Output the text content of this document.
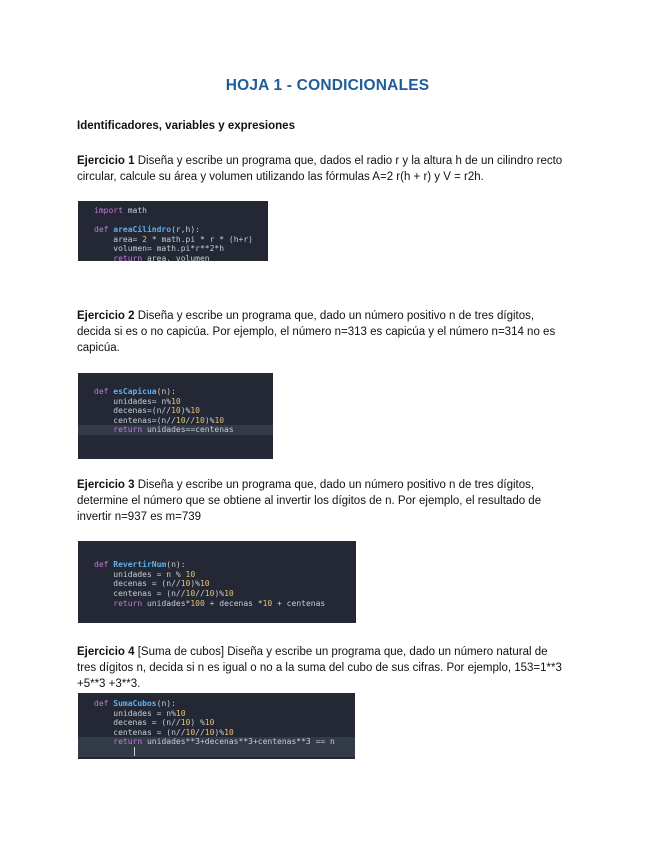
HOJA 1 - CONDICIONALES
Identificadores, variables y expresiones
Ejercicio 1 Diseña y escribe un programa que, dados el radio r y la altura h de un cilindro recto
circular, calcule su área y volumen utilizando las fórmulas A=2 r(h + r) y V = r2h.
import math
def areaCilindro(r,h):
area= 2 * math.pi * r * (h+r)
volumen= math.pi*r**2*h
return area, volumen
Ejercicio 2 Diseña y escribe un programa que, dado un número positivo n de tres dígitos,
decida si es o no capicúa. Por ejemplo, el número n=313 es capicúa y el número n=314 no es
capicúa.
def esCapicua(n):
unidades= n%10
decenas=(n//10)%10
centenas=(n//10//10)%10
return unidades==centenas
Ejercicio 3 Diseña y escribe un programa que, dado un número positivo n de tres dígitos,
determine el número que se obtiene al invertir los dígitos de n. Por ejemplo, el resultado de
invertir n=937 es m=739
def RevertirNum(n):
unidades = n % 10
decenas = (n//10)%10
centenas = (n//10//10)%10
return unidades*100 + decenas *10 + centenas
Ejercicio 4 [Suma de cubos] Diseña y escribe un programa que, dado un número natural de
tres dígitos n, decida si n es igual o no a la suma del cubo de sus cifras. Por ejemplo, 153=1**3
+5**3 +3**3.
def SumaCubos(n):
unidades = n%10
decenas = (n//10) %10
centenas = (n//10//10)%10
return unidades**3+decenas**3+centenas**3 == n
